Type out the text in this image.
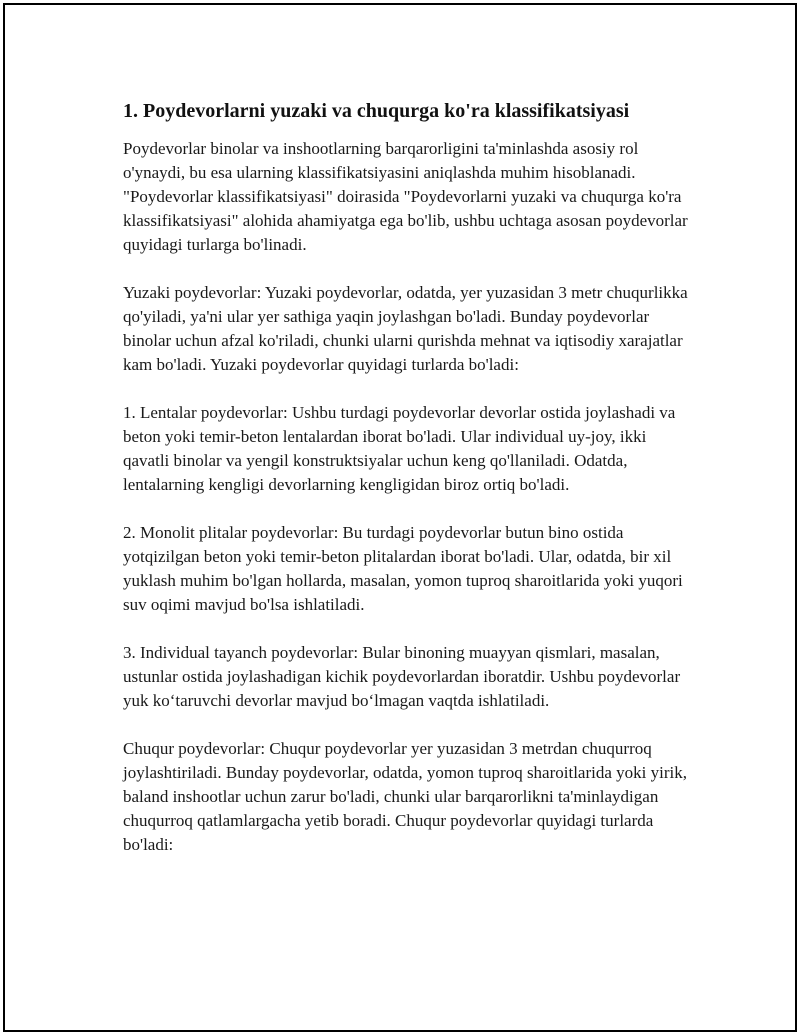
1. Poydevorlarni yuzaki va chuqurga ko'ra klassifikatsiyasi

Poydevorlar binolar va inshootlarning barqarorligini ta'minlashda asosiy rol o'ynaydi, bu esa ularning klassifikatsiyasini aniqlashda muhim hisoblanadi. "Poydevorlar klassifikatsiyasi" doirasida "Poydevorlarni yuzaki va chuqurga ko'ra klassifikatsiyasi" alohida ahamiyatga ega bo'lib, ushbu uchtaga asosan poydevorlar quyidagi turlarga bo'linadi.

Yuzaki poydevorlar: Yuzaki poydevorlar, odatda, yer yuzasidan 3 metr chuqurlikka qo'yiladi, ya'ni ular yer sathiga yaqin joylashgan bo'ladi. Bunday poydevorlar binolar uchun afzal ko'riladi, chunki ularni qurishda mehnat va iqtisodiy xarajatlar kam bo'ladi. Yuzaki poydevorlar quyidagi turlarda bo'ladi:

1. Lentalar poydevorlar: Ushbu turdagi poydevorlar devorlar ostida joylashadi va beton yoki temir-beton lentalardan iborat bo'ladi. Ular individual uy-joy, ikki qavatli binolar va yengil konstruktsiyalar uchun keng qo'llaniladi. Odatda, lentalarning kengligi devorlarning kengligidan biroz ortiq bo'ladi.

2. Monolit plitalar poydevorlar: Bu turdagi poydevorlar butun bino ostida yotqizilgan beton yoki temir-beton plitalardan iborat bo'ladi. Ular, odatda, bir xil yuklash muhim bo'lgan hollarda, masalan, yomon tuproq sharoitlarida yoki yuqori suv oqimi mavjud bo'lsa ishlatiladi.

3. Individual tayanch poydevorlar: Bular binoning muayyan qismlari, masalan, ustunlar ostida joylashadigan kichik poydevorlardan iboratdir. Ushbu poydevorlar yuk ko‘taruvchi devorlar mavjud bo‘lmagan vaqtda ishlatiladi.

Chuqur poydevorlar: Chuqur poydevorlar yer yuzasidan 3 metrdan chuqurroq joylashtiriladi. Bunday poydevorlar, odatda, yomon tuproq sharoitlarida yoki yirik, baland inshootlar uchun zarur bo'ladi, chunki ular barqarorlikni ta'minlaydigan chuqurroq qatlamlargacha yetib boradi. Chuqur poydevorlar quyidagi turlarda bo'ladi:
